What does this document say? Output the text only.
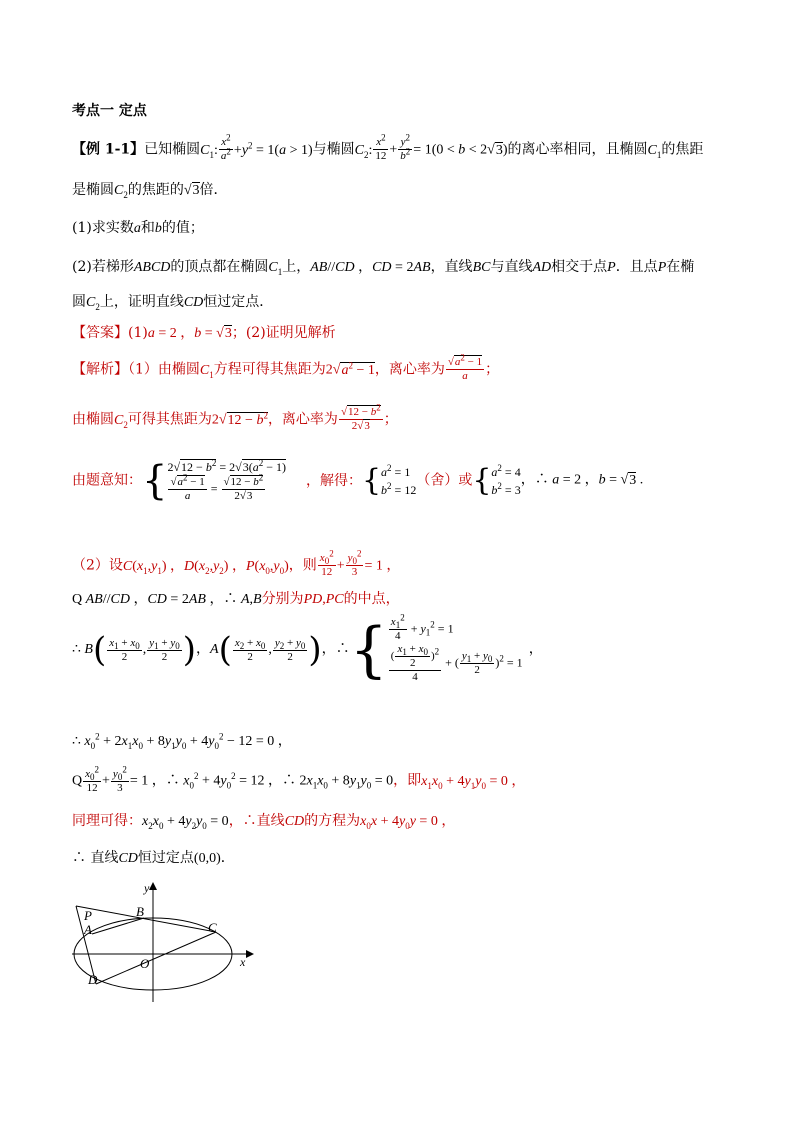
考点一 定点
【例 1-1】已知椭圆$C_1$: $\frac{x^2}{a^2} +y^2 = 1(a > 1)$与椭圆$C_2$: $\frac{x^2}{12} + \frac{y^2}{b^2} = 1(0 < b < 2√3)$的离心率相同，且椭圆$C_1$的焦距
是椭圆$C_2$的焦距的√3倍．
(1)求实数a和b的值；
(2)若梯形ABCD的顶点都在椭圆$C_1$上，AB//CD ，CD = 2AB，直线BC与直线AD相交于点P．且点P在椭
圆$C_2$上，证明直线CD恒过定点．
【答案】(1)a = 2 ，b = √3；(2)证明见解析
【解析】（1）由椭圆$C_1$方程可得其焦距为$2√a^2 - 1$，离心率为 $\frac{√a^2 - 1}{a}$ ；
由椭圆$C_2$可得其焦距为$2√12 - b^2$，离心率为 $\frac{√12 - b^2}{2√3}$ ；
由题意知：{ $2√12 - b^2 = 2√3(a^2 - 1)$
$\frac{√a^2 - 1}{a} = \frac{√12 - b^2}{2√3}$	，解得：{ $a^2 = 1$
$b^2 = 12$
（舍）或{ $a^2 = 4$
$b^2 = 3$
，∴ a = 2 ，b = √3 .
（2）设$C(x_1,y_1)$ ，$D(x_2,y_2)$ ，$P(x_0,y_0)$，则 $\frac{x_0^2}{12} + \frac{y_0^2}{3} = 1$ ，
Q AB//CD ，CD = 2AB ，∴ A,B分别为PD,PC的中点，
∴ $B( \frac{x_1 + x_0}{2}$ , $\frac{y_1 + y_0}{2}$ )，$A( \frac{x_2 + x_0}{2}$ , $\frac{y_2 + y_0}{2}$ )，∴{ $\frac{x_1^2}{4} + y_1^2 = 1$
$\frac{( \frac{x_1 + x_0}{2} )^2}{4}$ + ( $\frac{y_1 + y_0}{2} )^2 = 1$
，
∴ $x_0^2 + 2x_1x_0 + 8y_1y_0 + 4y_0^2 - 12 = 0$ ，
Q $\frac{x_0^2}{12} + \frac{y_0^2}{3} = 1$ ，∴ $x_0^2 + 4y_0^2 = 12$ ，∴ $2x_1x_0 + 8y_1y_0 = 0$，即$x_1x_0 + 4y_1y_0 = 0$ ，
同理可得：$x_2x_0 + 4y_2y_0 = 0$，∴直线CD的方程为$x_0x + 4y_0y = 0$ ，
∴ 直线CD恒过定点(0,0)．
y
x
O
P
A
B
C
D
